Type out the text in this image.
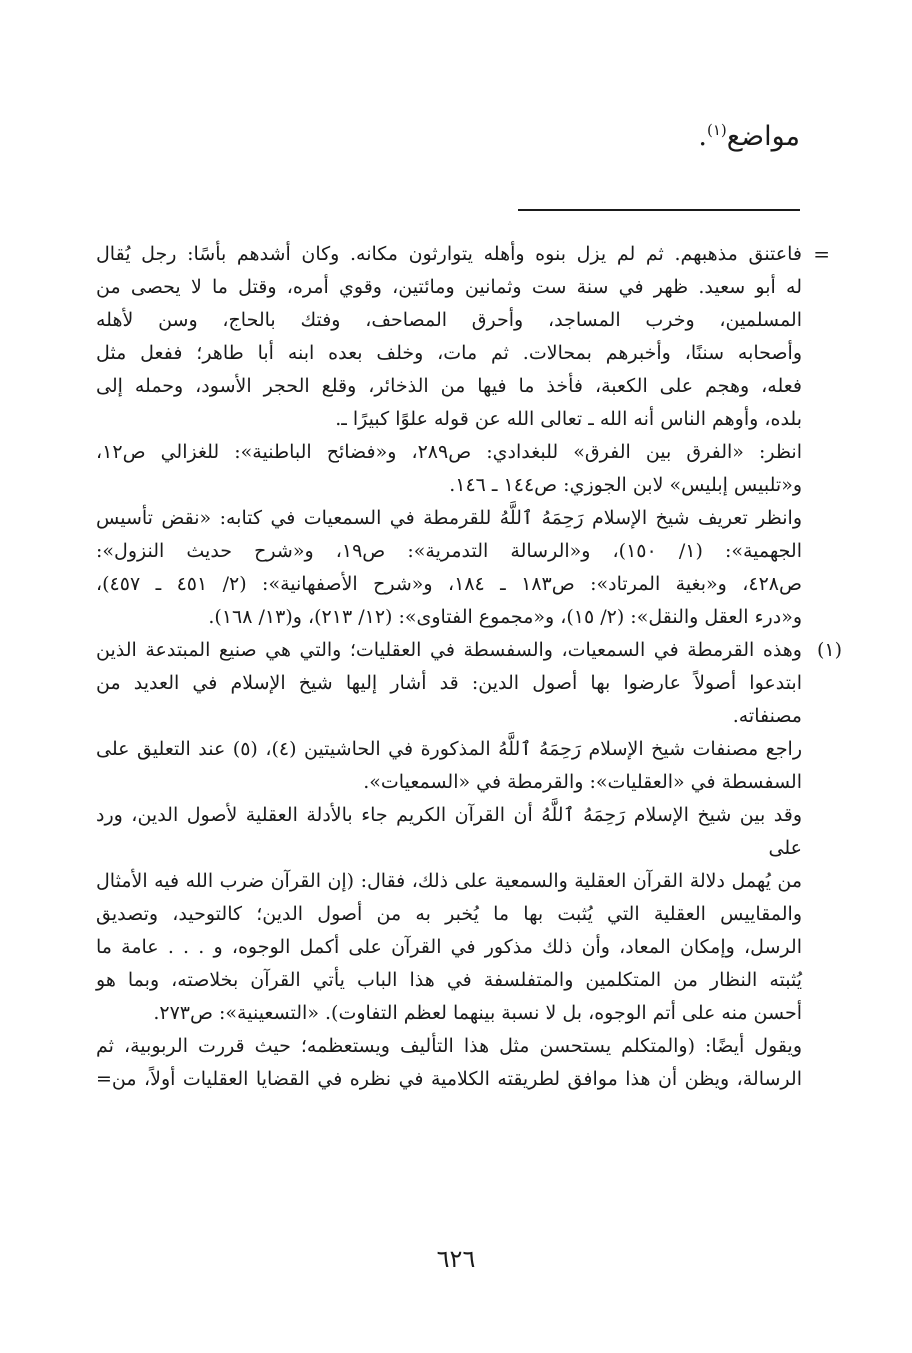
مواضع$^{(١)}$.
=

فاعتنق مذهبهم. ثم لم يزل بنوه وأهله يتوارثون مكانه. وكان أشدهم بأسًا: رجل يُقال

له أبو سعيد. ظهر في سنة ست وثمانين ومائتين، وقوي أمره، وقتل ما لا يحصى من

المسلمين، وخرب المساجد، وأحرق المصاحف، وفتك بالحاج، وسن لأهله

وأصحابه سننًا، وأخبرهم بمحالات. ثم مات، وخلف بعده ابنه أبا طاهر؛ ففعل مثل

فعله، وهجم على الكعبة، فأخذ ما فيها من الذخائر، وقلع الحجر الأسود، وحمله إلى

بلده، وأوهم الناس أنه الله ـ تعالى الله عن قوله علوًا كبيرًا ـ.

انظر: «الفرق بين الفرق» للبغدادي: ص٢٨٩، و«فضائح الباطنية»: للغزالي ص١٢،

و«تلبيس إبليس» لابن الجوزي: ص١٤٤ ـ ١٤٦.

وانظر تعريف شيخ الإسلام رَحِمَهُ ٱللَّهُ للقرمطة في السمعيات في كتابه: «نقض تأسيس

الجهمية»: (١/ ١٥٠)، و«الرسالة التدمرية»: ص١٩، و«شرح حديث النزول»:

ص٤٢٨، و«بغية المرتاد»: ص١٨٣ ـ ١٨٤، و«شرح الأصفهانية»: (٢/ ٤٥١ ـ ٤٥٧)،

و«درء العقل والنقل»: (٢/ ١٥)، و«مجموع الفتاوى»: (١٢/ ٢١٣)، و(١٣/ ١٦٨).

(١)

وهذه القرمطة في السمعيات، والسفسطة في العقليات؛ والتي هي صنيع المبتدعة الذين

ابتدعوا أصولاً عارضوا بها أصول الدين: قد أشار إليها شيخ الإسلام في العديد من

مصنفاته.

راجع مصنفات شيخ الإسلام رَحِمَهُ ٱللَّهُ المذكورة في الحاشيتين (٤)، (٥) عند التعليق على

السفسطة في «العقليات»: والقرمطة في «السمعيات».

وقد بين شيخ الإسلام رَحِمَهُ ٱللَّهُ أن القرآن الكريم جاء بالأدلة العقلية لأصول الدين، ورد على

من يُهمل دلالة القرآن العقلية والسمعية على ذلك، فقال: (إن القرآن ضرب الله فيه الأمثال

والمقاييس العقلية التي يُثبت بها ما يُخبر به من أصول الدين؛ كالتوحيد، وتصديق

الرسل، وإمكان المعاد، وأن ذلك مذكور في القرآن على أكمل الوجوه، و . . . عامة ما

يُثبته النظار من المتكلمين والمتفلسفة في هذا الباب يأتي القرآن بخلاصته، وبما هو

أحسن منه على أتم الوجوه، بل لا نسبة بينهما لعظم التفاوت). «التسعينية»: ص٢٧٣.

ويقول أيضًا: (والمتكلم يستحسن مثل هذا التأليف ويستعظمه؛ حيث قررت الربوبية، ثم

الرسالة، ويظن أن هذا موافق لطريقته الكلامية في نظره في القضايا العقليات أولاً، من=

٦٢٦
